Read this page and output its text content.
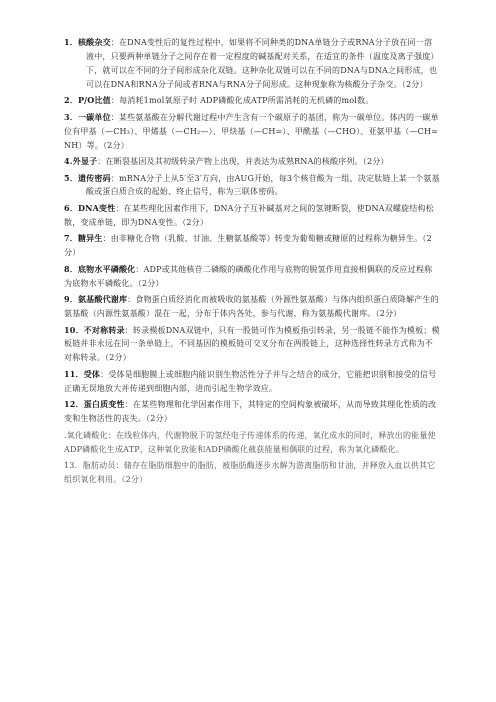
1．核酸杂交：在DNA变性后的复性过程中，如果将不同种类的DNA单链分子或RNA分子放在同一溶液中，只要两种单链分子之间存在着一定程度的碱基配对关系，在适宜的条件（温度及离子强度）下，就可以在不同的分子间形成杂化双链。这种杂化双链可以在不同的DNA与DNA之间形成，也可以在DNA和RNA分子间或者RNA与RNA分子间形成。这种现象称为核酸分子杂交。（2分）

2．P/O比值：每消耗1mol氧原子时 ADP磷酸化成ATP所需消耗的无机磷的mol数。

3．一碳单位：某些氨基酸在分解代谢过程中产生含有一个碳原子的基团，称为一碳单位。体内的一碳单位有甲基（—CH₃）、甲烯基（—CH₂—）、甲炔基（—CH=）、甲酰基（—CHO）、亚氨甲基（—CH=NH）等。（2分）

4.外显子：在断裂基因及其初级转录产物上出现，并表达为成熟RNA的核酸序列。（2分）

5．遗传密码：mRNA分子上从5′至3′方向，由AUG开始，每3个核苷酸为一组，决定肽链上某一个氨基酸或蛋白质合成的起始、终止信号，称为三联体密码。

6．DNA变性：在某些理化因素作用下，DNA分子互补碱基对之间的氢键断裂，使DNA双螺旋结构松散，变成单链，即为DNA变性。（2分）

7．糖异生：由非糖化合物（乳酸、甘油、生糖氨基酸等）转变为葡萄糖或糖原的过程称为糖异生。（2分）

8．底物水平磷酸化：ADP或其他核苷二磷酸的磷酸化作用与底物的脱氢作用直接相偶联的反应过程称为底物水平磷酸化。（2分）

9．氨基酸代谢库：食物蛋白质经消化而被吸收的氨基酸（外源性氨基酸）与体内组织蛋白质降解产生的氨基酸（内源性氨基酸）混在一起，分布于体内各处，参与代谢，称为氨基酸代谢库。（2分）

10．不对称转录：转录模板DNA双链中，只有一股链可作为模板指引转录，另一股链不能作为模板；模板链并非永远在同一条单链上，不同基因的模板链可交叉分布在两股链上，这种选择性转录方式称为不对称转录。（2分）

11．受体：受体是细胞膜上或细胞内能识别生物活性分子并与之结合的成分，它能把识别和接受的信号正确无误地放大并传递到细胞内部，进而引起生物学效应。

12．蛋白质变性：在某些物理和化学因素作用下，其特定的空间构象被破坏，从而导致其理化性质的改变和生物活性的丧失。（2分）

.氧化磷酸化：在线粒体内，代谢物脱下的氢经电子传递体系的传递，氧化成水的同时，释放出的能量使ADP磷酸化生成ATP，这种氧化放能和ADP磷酸化截获能量相偶联的过程，称为氧化磷酸化。

13．脂肪动员：储存在脂肪细胞中的脂肪，被脂肪酶逐步水解为游离脂肪和甘油，并释放入血以供其它组织氧化利用。（2分）
